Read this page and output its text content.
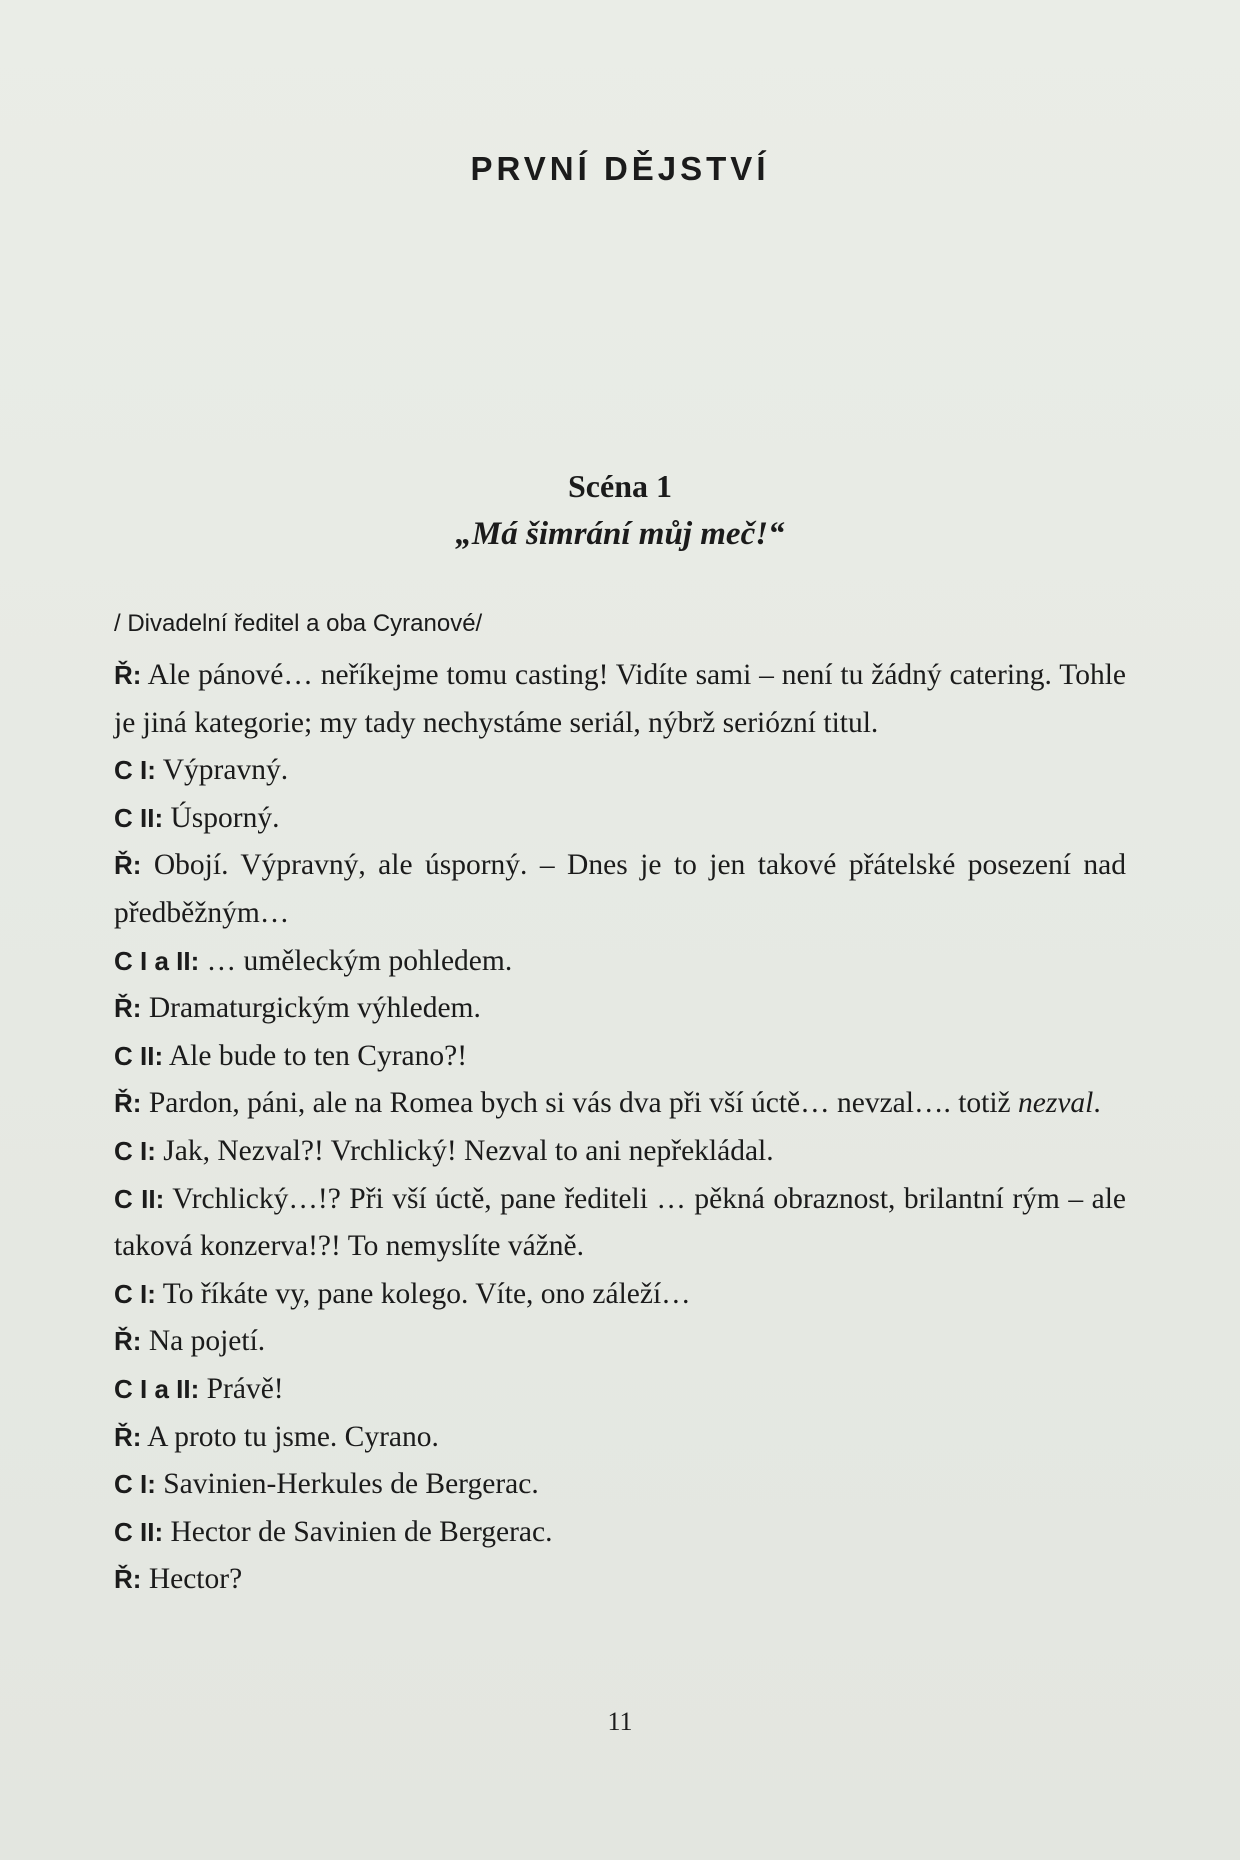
PRVNÍ DĚJSTVÍ
Scéna 1
„Má šimrání můj meč!“
/ Divadelní ředitel a oba Cyranové/
Ř: Ale pánové… neříkejme tomu casting! Vidíte sami – není tu žádný catering. Tohle je jiná kategorie; my tady nechystáme seriál, nýbrž seriózní titul.
C I: Výpravný.
C II: Úsporný.
Ř: Obojí. Výpravný, ale úsporný. – Dnes je to jen takové přátelské posezení nad předběžným…
C I a II: … uměleckým pohledem.
Ř: Dramaturgickým výhledem.
C II: Ale bude to ten Cyrano?!
Ř: Pardon, páni, ale na Romea bych si vás dva při vší úctě… nevzal…. totiž nezval.
C I: Jak, Nezval?! Vrchlický! Nezval to ani nepřekládal.
C II: Vrchlický…!? Při vší úctě, pane řediteli … pěkná obraznost, brilantní rým – ale taková konzerva!?! To nemyslíte vážně.
C I: To říkáte vy, pane kolego. Víte, ono záleží…
Ř: Na pojetí.
C I a II: Právě!
Ř: A proto tu jsme. Cyrano.
C I: Savinien-Herkules de Bergerac.
C II: Hector de Savinien de Bergerac.
Ř: Hector?
11
